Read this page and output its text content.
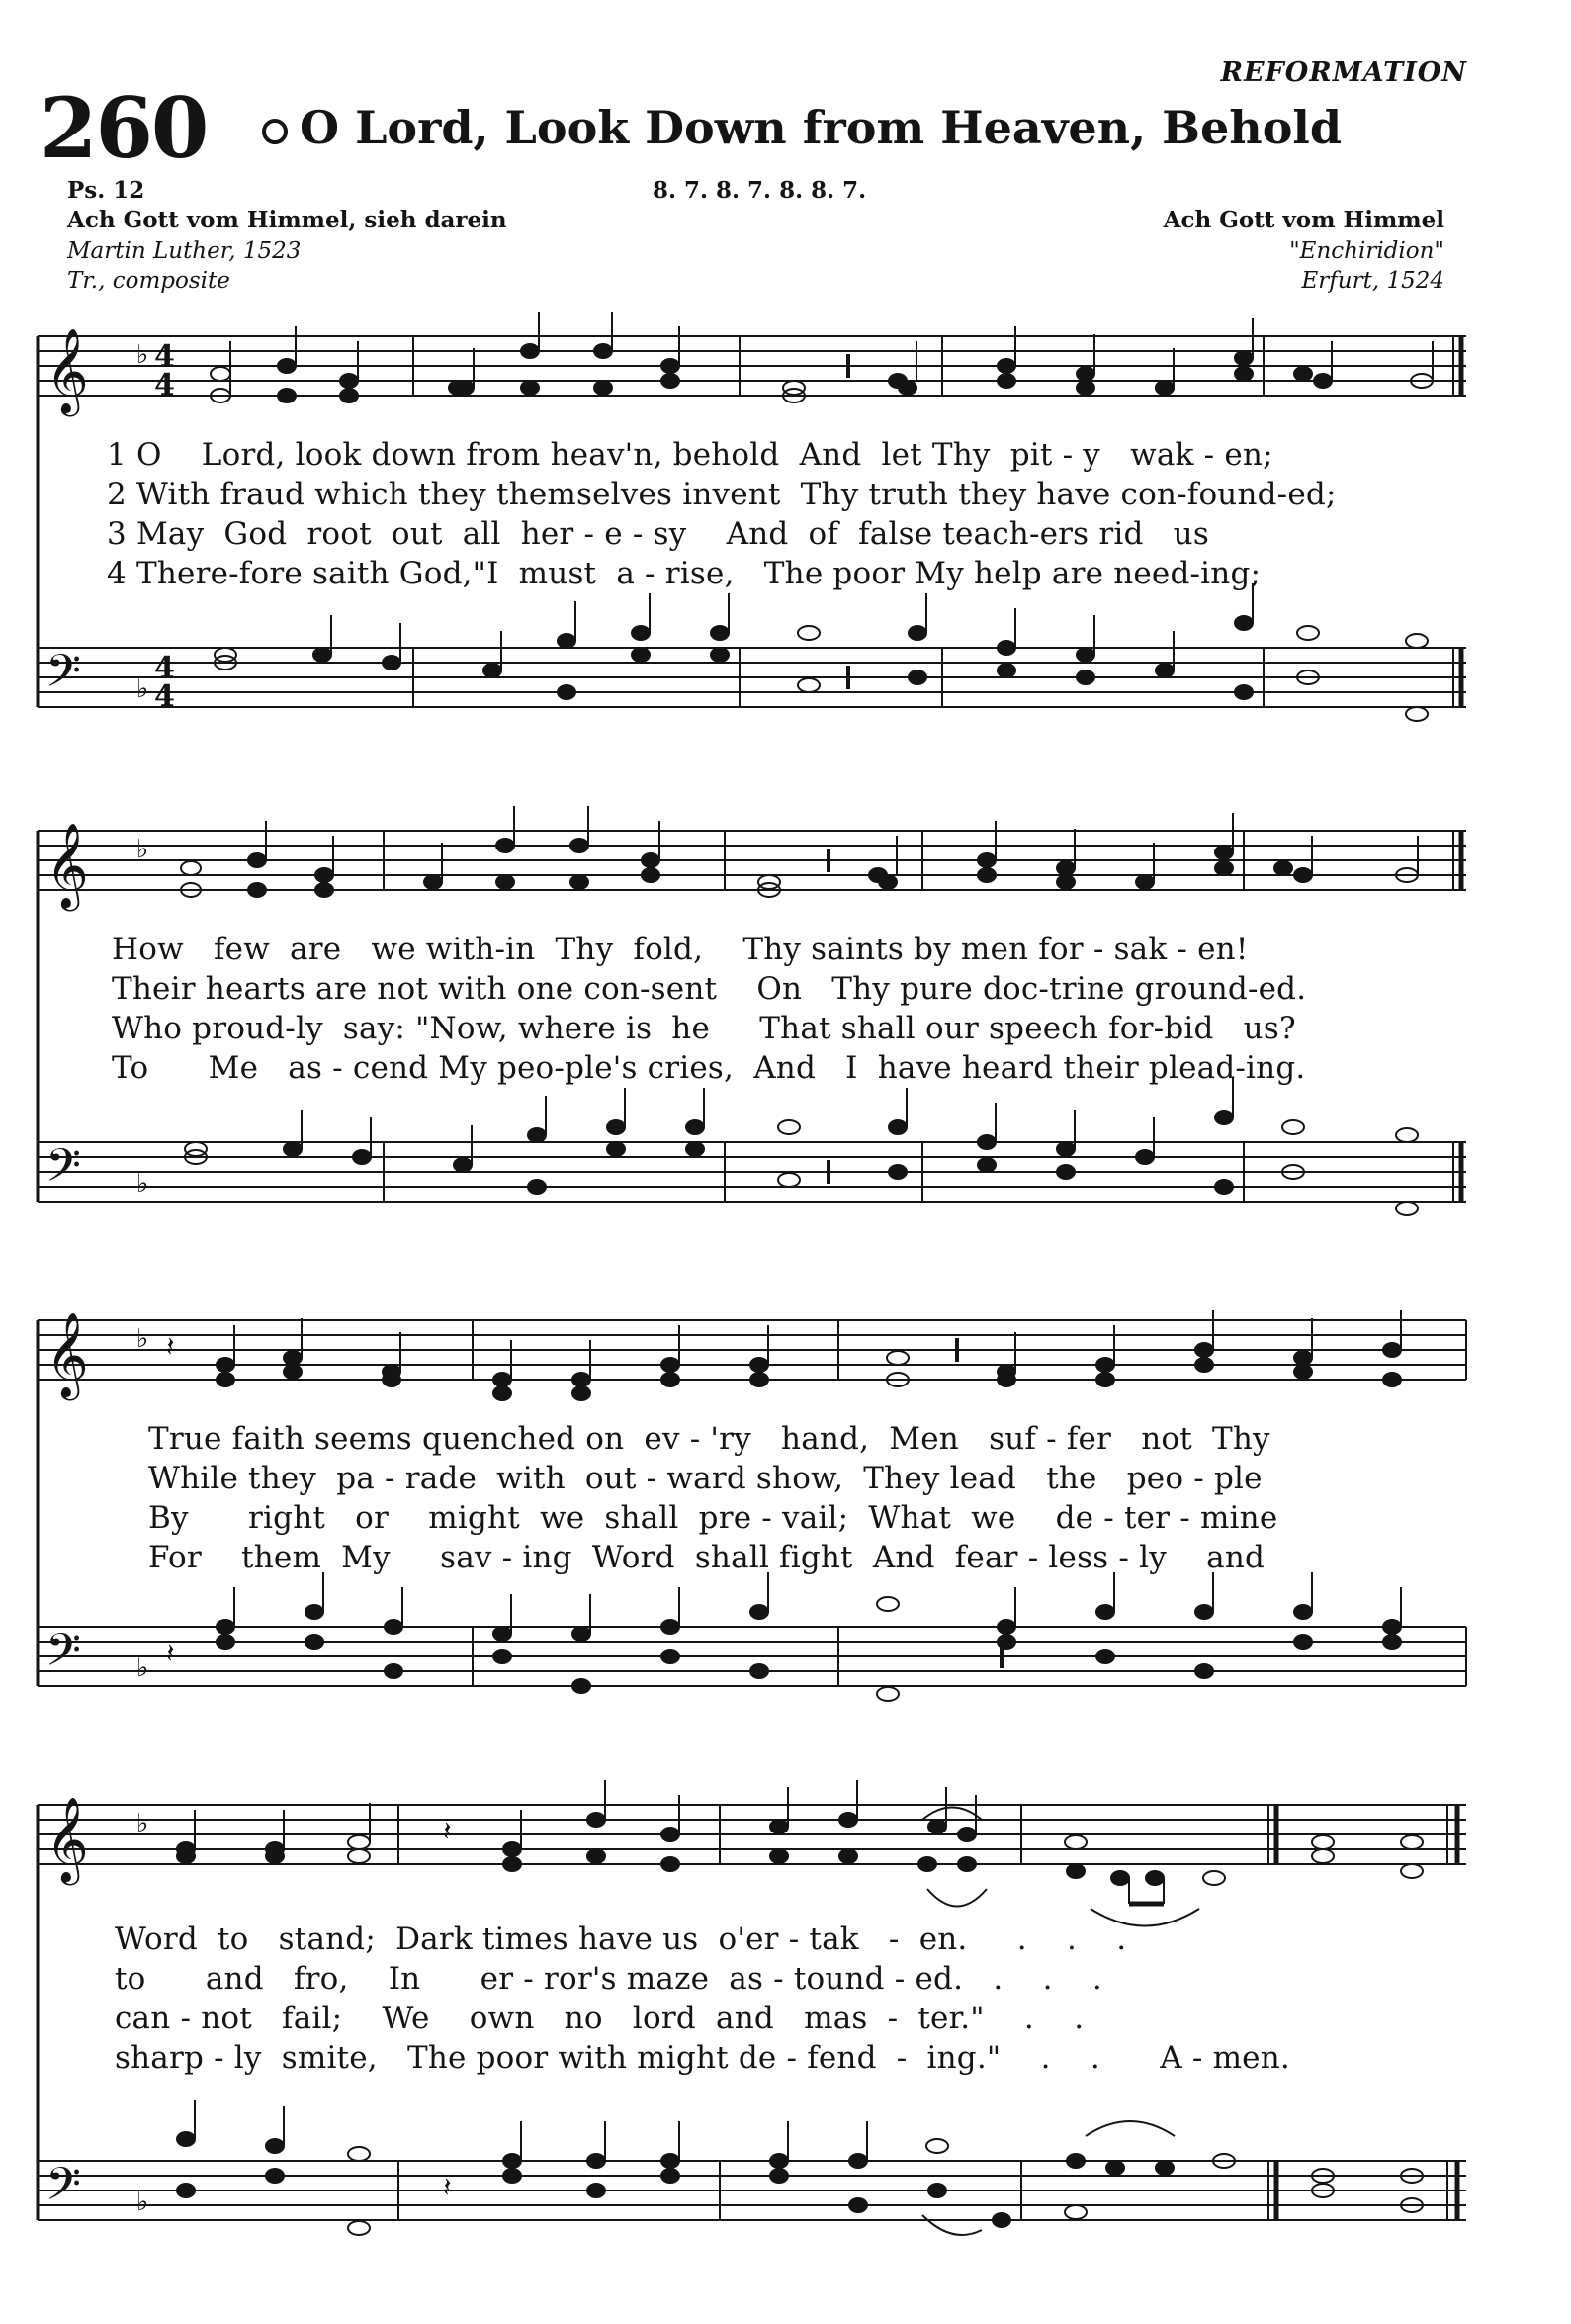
REFORMATION
260	O Lord, Look Down from Heaven, Behold
Ps. 12	8. 7. 8. 7. 8. 8. 7.
Ach Gott vom Himmel, sieh darein
Martin Luther, 1523
Tr., composite
Ach Gott vom Himmel
"Enchiridion"
Erfurt, 1524
𝄞
𝄢
♭
♭
4
4
4
4
1 O    Lord, look down from heav'n, behold  And  let Thy  pit - y   wak - en;
2 With fraud which they themselves invent  Thy truth they have con-found-ed;
3 May  God  root  out  all  her - e - sy    And  of  false teach-ers rid   us
4 There-fore saith God,"I  must  a - rise,   The poor My help are need-ing;
𝄞
𝄢
♭
♭
How   few  are   we with-in  Thy  fold,    Thy saints by men for - sak - en!
Their hearts are not with one con-sent    On   Thy pure doc-trine ground-ed.
Who proud-ly  say: "Now, where is  he     That shall our speech for-bid   us?
To      Me   as - cend My peo-ple's cries,  And   I  have heard their plead-ing.
𝄞
𝄢
♭
♭
𝄽
𝄽
True faith seems quenched on  ev - 'ry   hand,  Men   suf - fer   not  Thy
While they  pa - rade  with  out - ward show,  They lead   the   peo - ple
By      right   or    might  we  shall  pre - vail;  What  we    de - ter - mine
For    them  My     sav - ing  Word  shall fight  And  fear - less - ly    and
𝄞
𝄢
♭
♭
𝄽
𝄽
Word  to   stand;  Dark times have us  o'er - tak   -  en.     .    .    .
to      and   fro,    In      er - ror's maze  as - tound - ed.   .    .    .
can - not   fail;    We    own   no   lord  and   mas  -  ter."    .    .
sharp - ly  smite,   The poor with might de - fend  -  ing."    .    .      A - men.
